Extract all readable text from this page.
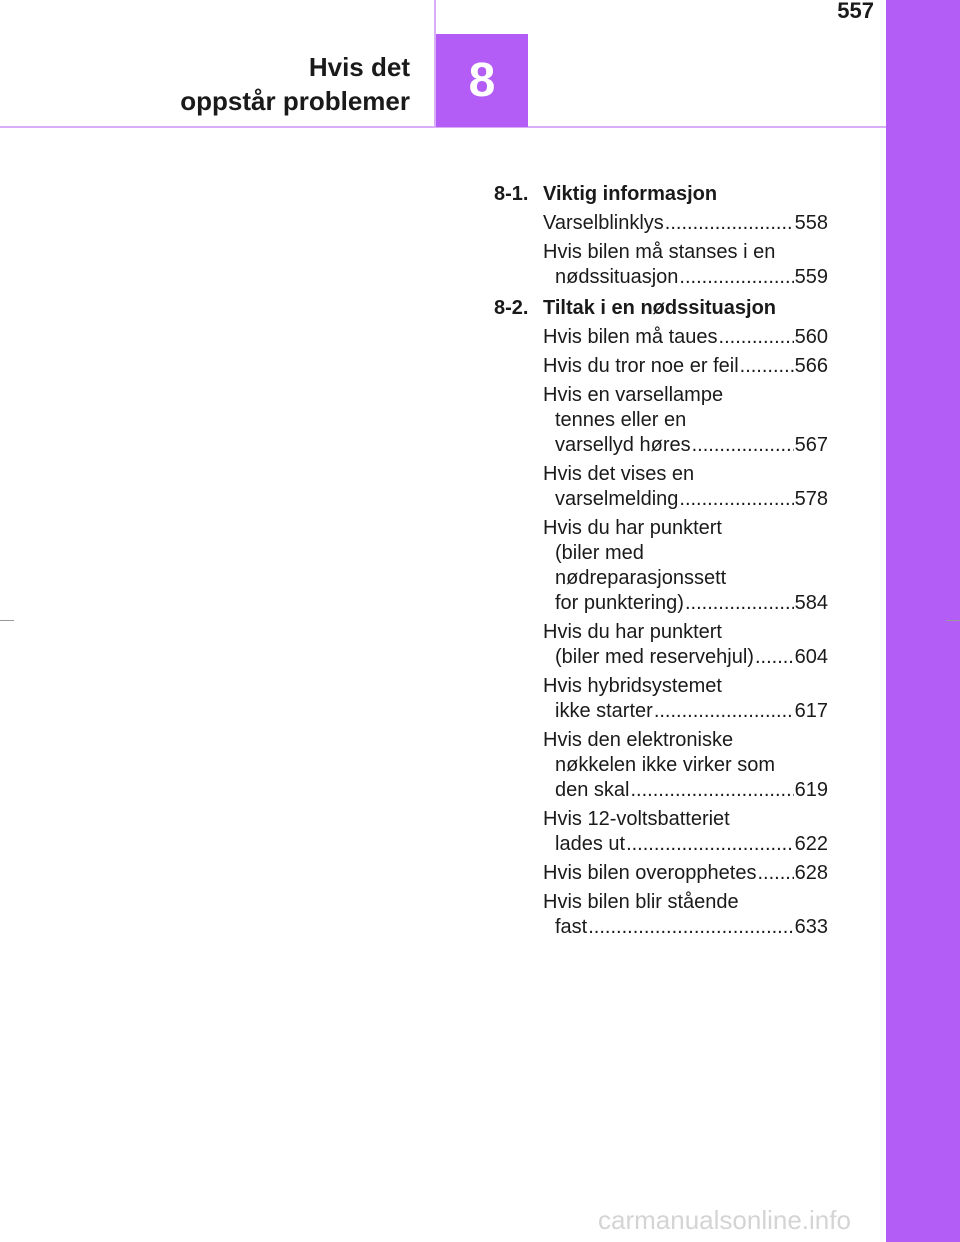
557
Hvis det
oppstår problemer	8
8-1. Viktig informasjon
Varselblinklys .....	558
Hvis bilen må stanses i en
nødssituasjon .....	559
8-2. Tiltak i en nødssituasjon
Hvis bilen må taues .....	560
Hvis du tror noe er feil .....	566
Hvis en varsellampe
tennes eller en
varsellyd høres .....	567
Hvis det vises en
varselmelding .....	578
Hvis du har punktert
(biler med
nødreparasjonssett
for punktering) .....	584
Hvis du har punktert
(biler med reservehjul) ..... 604
Hvis hybridsystemet
ikke starter .....	617
Hvis den elektroniske
nøkkelen ikke virker som
den skal .....	619
Hvis 12-voltsbatteriet
lades ut .....	622
Hvis bilen overopphetes ..... 628
Hvis bilen blir stående
fast .....	633
carmanualsonline.info
